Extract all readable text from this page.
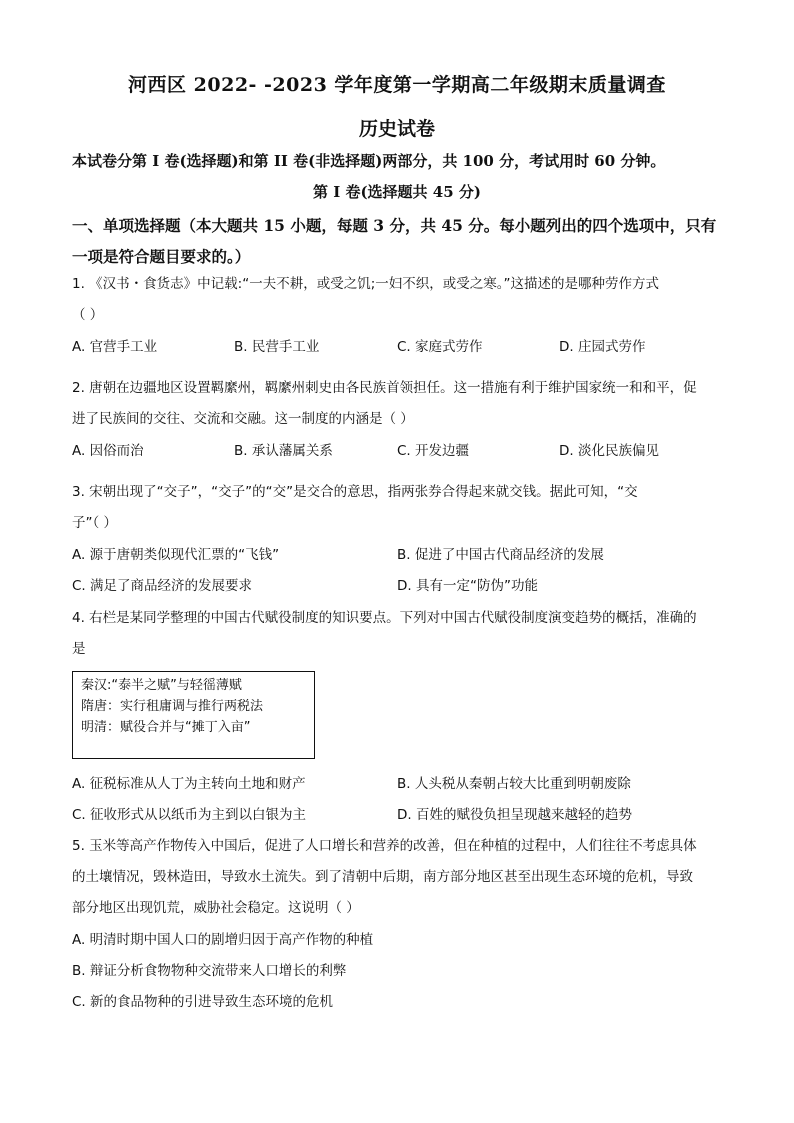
河西区 2022- -2023 学年度第一学期高二年级期末质量调查
历史试卷
本试卷分第 I 卷(选择题)和第 II 卷(非选择题)两部分，共 100 分，考试用时 60 分钟。
第 I 卷(选择题共 45 分)
一、单项选择题（本大题共 15 小题，每题 3 分，共 45 分。每小题列出的四个选项中，只有
一项是符合题目要求的。）
1. 《汉书・食货志》中记载:“一夫不耕，或受之饥;一妇不织，或受之寒。”这描述的是哪种劳作方式
（ ）
A. 官营手工业	B. 民营手工业	C. 家庭式劳作	D. 庄园式劳作
2. 唐朝在边疆地区设置羁縻州，羁縻州刺史由各民族首领担任。这一措施有利于维护国家统一和和平，促
进了民族间的交往、交流和交融。这一制度的内涵是（ ）
A. 因俗而治	B. 承认藩属关系	C. 开发边疆	D. 淡化民族偏见
3. 宋朝出现了“交子”，“交子”的“交”是交合的意思，指两张券合得起来就交钱。据此可知，“交
子”（ ）
A. 源于唐朝类似现代汇票的“飞钱”	B. 促进了中国古代商品经济的发展
C. 满足了商品经济的发展要求	D. 具有一定“防伪”功能
4. 右栏是某同学整理的中国古代赋役制度的知识要点。下列对中国古代赋役制度演变趋势的概括，准确的
是
秦汉:“泰半之赋”与轻徭薄赋
隋唐：实行租庸调与推行两税法
明清：赋役合并与“摊丁入亩”
A. 征税标准从人丁为主转向土地和财产	B. 人头税从秦朝占较大比重到明朝废除
C. 征收形式从以纸币为主到以白银为主	D. 百姓的赋役负担呈现越来越轻的趋势
5. 玉米等高产作物传入中国后，促进了人口增长和营养的改善，但在种植的过程中，人们往往不考虑具体
的土壤情况，毁林造田，导致水土流失。到了清朝中后期，南方部分地区甚至出现生态环境的危机，导致
部分地区出现饥荒，威胁社会稳定。这说明（ ）
A. 明清时期中国人口的剧增归因于高产作物的种植
B. 辩证分析食物物种交流带来人口增长的利弊
C. 新的食品物种的引进导致生态环境的危机
